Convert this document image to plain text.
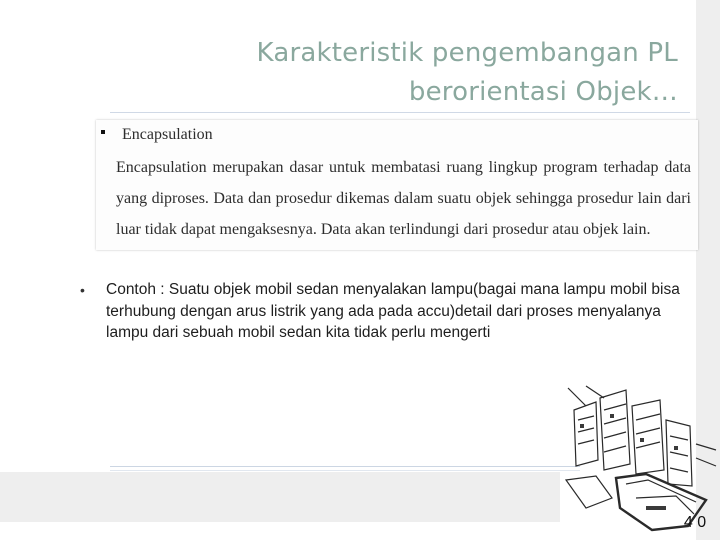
Karakteristik pengembangan PL
berorientasi Objek…
Encapsulation
Encapsulation merupakan dasar untuk membatasi ruang lingkup program terhadap data
yang diproses. Data dan prosedur dikemas dalam suatu objek sehingga prosedur lain dari
luar tidak dapat mengaksesnya. Data akan terlindungi dari prosedur atau objek lain.
• Contoh : Suatu objek mobil sedan menyalakan lampu(bagai mana lampu mobil bisa terhubung dengan arus listrik yang ada pada accu)detail dari proses menyalanya lampu dari sebuah mobil sedan kita tidak perlu mengerti
4 0
